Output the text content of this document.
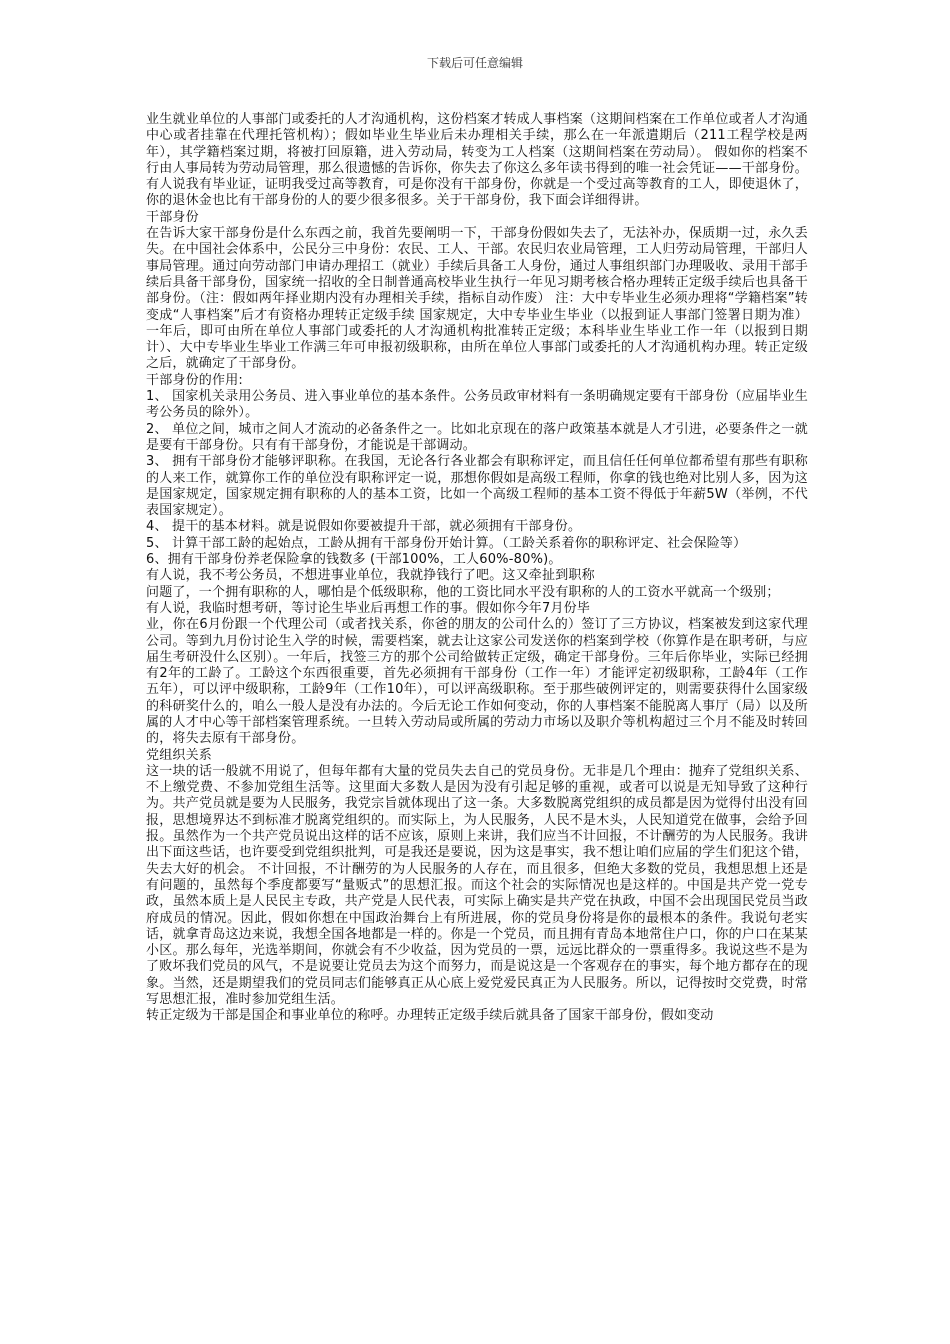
下载后可任意编辑

业生就业单位的人事部门或委托的人才沟通机构，这份档案才转成人事档案（这期间档案在工作单位或者人才沟通中心或者挂靠在代理托管机构）；假如毕业生毕业后未办理相关手续，那么在一年派遣期后（211工程学校是两年），其学籍档案过期，将被打回原籍，进入劳动局，转变为工人档案（这期间档案在劳动局）。 假如你的档案不行由人事局转为劳动局管理，那么很遗憾的告诉你，你失去了你这么多年读书得到的唯一社会凭证——干部身份。有人说我有毕业证，证明我受过高等教育，可是你没有干部身份，你就是一个受过高等教育的工人，即使退休了，你的退休金也比有干部身份的人的要少很多很多。关于干部身份，我下面会详细得讲。

干部身份

在告诉大家干部身份是什么东西之前，我首先要阐明一下，干部身份假如失去了，无法补办，保质期一过，永久丢失。在中国社会体系中，公民分三中身份：农民、工人、干部。农民归农业局管理，工人归劳动局管理，干部归人事局管理。通过向劳动部门申请办理招工（就业）手续后具备工人身份，通过人事组织部门办理吸收、录用干部手续后具备干部身份，国家统一招收的全日制普通高校毕业生执行一年见习期考核合格办理转正定级手续后也具备干部身份。（注：假如两年择业期内没有办理相关手续，指标自动作废） 注：大中专毕业生必须办理将“学籍档案”转变成“人事档案”后才有资格办理转正定级手续 国家规定，大中专毕业生毕业（以报到证人事部门签署日期为准）一年后，即可由所在单位人事部门或委托的人才沟通机构批准转正定级；本科毕业生毕业工作一年（以报到日期计）、大中专毕业生毕业工作满三年可申报初级职称，由所在单位人事部门或委托的人才沟通机构办理。转正定级之后，就确定了干部身份。

干部身份的作用:

1、 国家机关录用公务员、进入事业单位的基本条件。公务员政审材料有一条明确规定要有干部身份（应届毕业生考公务员的除外）。

2、 单位之间，城市之间人才流动的必备条件之一。比如北京现在的落户政策基本就是人才引进，必要条件之一就是要有干部身份。只有有干部身份，才能说是干部调动。

3、 拥有干部身份才能够评职称。在我国，无论各行各业都会有职称评定，而且信任任何单位都希望有那些有职称的人来工作，就算你工作的单位没有职称评定一说，那想你假如是高级工程师，你拿的钱也绝对比别人多，因为这是国家规定，国家规定拥有职称的人的基本工资，比如一个高级工程师的基本工资不得低于年薪5W（举例，不代表国家规定）。

4、 提干的基本材料。就是说假如你要被提升干部，就必须拥有干部身份。

5、 计算干部工龄的起始点，工龄从拥有干部身份开始计算。（工龄关系着你的职称评定、社会保险等）

6、拥有干部身份养老保险拿的钱数多 (干部100%，工人60%-80%)。

有人说，我不考公务员，不想进事业单位，我就挣钱行了吧。这又牵扯到职称

问题了，一个拥有职称的人，哪怕是个低级职称，他的工资比同水平没有职称的人的工资水平就高一个级别；

有人说，我临时想考研，等讨论生毕业后再想工作的事。假如你今年7月份毕

业，你在6月份跟一个代理公司（或者找关系，你爸的朋友的公司什么的）签订了三方协议，档案被发到这家代理公司。等到九月份讨论生入学的时候，需要档案，就去让这家公司发送你的档案到学校（你算作是在职考研，与应届生考研没什么区别）。一年后，找签三方的那个公司给做转正定级，确定干部身份。三年后你毕业，实际已经拥有2年的工龄了。工龄这个东西很重要，首先必须拥有干部身份（工作一年）才能评定初级职称，工龄4年（工作五年），可以评中级职称，工龄9年（工作10年），可以评高级职称。至于那些破例评定的，则需要获得什么国家级的科研奖什么的，咱么一般人是没有办法的。今后无论工作如何变动，你的人事档案不能脱离人事厅（局）以及所属的人才中心等干部档案管理系统。一旦转入劳动局或所属的劳动力市场以及职介等机构超过三个月不能及时转回的，将失去原有干部身份。

党组织关系

这一块的话一般就不用说了，但每年都有大量的党员失去自己的党员身份。无非是几个理由：抛弃了党组织关系、不上缴党费、不参加党组生活等。这里面大多数人是因为没有引起足够的重视，或者可以说是无知导致了这种行为。共产党员就是要为人民服务，我党宗旨就体现出了这一条。大多数脱离党组织的成员都是因为觉得付出没有回报，思想境界达不到标准才脱离党组织的。而实际上，为人民服务，人民不是木头，人民知道党在做事，会给予回报。虽然作为一个共产党员说出这样的话不应该，原则上来讲，我们应当不计回报，不计酬劳的为人民服务。我讲出下面这些话，也许要受到党组织批判，可是我还是要说，因为这是事实，我不想让咱们应届的学生们犯这个错，失去大好的机会。 不计回报，不计酬劳的为人民服务的人存在，而且很多，但绝大多数的党员，我想思想上还是有问题的，虽然每个季度都要写“量贩式”的思想汇报。而这个社会的实际情况也是这样的。中国是共产党一党专政，虽然本质上是人民民主专政，共产党是人民代表，可实际上确实是共产党在执政，中国不会出现国民党员当政府成员的情况。因此，假如你想在中国政治舞台上有所进展，你的党员身份将是你的最根本的条件。我说句老实话，就拿青岛这边来说，我想全国各地都是一样的。你是一个党员，而且拥有青岛本地常住户口，你的户口在某某小区。那么每年，光选举期间，你就会有不少收益，因为党员的一票，远远比群众的一票重得多。我说这些不是为了败坏我们党员的风气，不是说要让党员去为这个而努力，而是说这是一个客观存在的事实，每个地方都存在的现象。当然，还是期望我们的党员同志们能够真正从心底上爱党爱民真正为人民服务。所以，记得按时交党费，时常写思想汇报，准时参加党组生活。

转正定级为干部是国企和事业单位的称呼。办理转正定级手续后就具备了国家干部身份，假如变动
